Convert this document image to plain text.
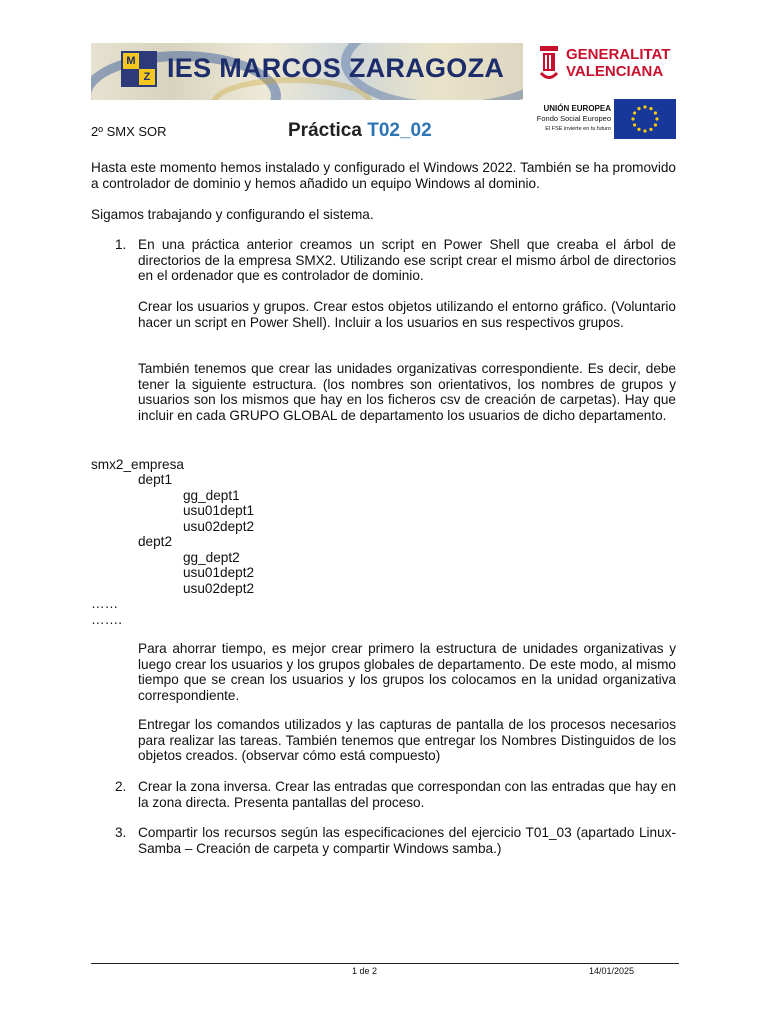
M
Z IES MARCOS ZARAGOZA	GENERALITAT
VALENCIANA
UNIÓN EUROPEA
Fondo Social Europeo
El FSE invierte en tu futuro
2º SMX SOR	Práctica T02_02

Hasta este momento hemos instalado y configurado el Windows 2022. También se ha promovido a controlador de dominio y hemos añadido un equipo Windows al dominio.

Sigamos trabajando y configurando el sistema.

1. En una práctica anterior creamos un script en Power Shell que creaba el árbol de directorios de la empresa SMX2. Utilizando ese script crear el mismo árbol de directorios en el ordenador que es controlador de dominio.

Crear los usuarios y grupos. Crear estos objetos utilizando el entorno gráfico. (Voluntario hacer un script en Power Shell). Incluir a los usuarios en sus respectivos grupos.

También tenemos que crear las unidades organizativas correspondiente. Es decir, debe tener la siguiente estructura. (los nombres son orientativos, los nombres de grupos y usuarios son los mismos que hay en los ficheros csv de creación de carpetas). Hay que incluir en cada GRUPO GLOBAL de departamento los usuarios de dicho departamento.

smx2_empresa
dept1
gg_dept1
usu01dept1
usu02dept2
dept2
gg_dept2
usu01dept2
usu02dept2
……
…….

Para ahorrar tiempo, es mejor crear primero la estructura de unidades organizativas y luego crear los usuarios y los grupos globales de departamento. De este modo, al mismo tiempo que se crean los usuarios y los grupos los colocamos en la unidad organizativa correspondiente.

Entregar los comandos utilizados y las capturas de pantalla de los procesos necesarios para realizar las tareas. También tenemos que entregar los Nombres Distinguidos de los objetos creados. (observar cómo está compuesto)

2. Crear la zona inversa. Crear las entradas que correspondan con las entradas que hay en la zona directa. Presenta pantallas del proceso.

3. Compartir los recursos según las especificaciones del ejercicio T01_03 (apartado Linux-Samba – Creación de carpeta y compartir Windows samba.)

1 de 2	14/01/2025
